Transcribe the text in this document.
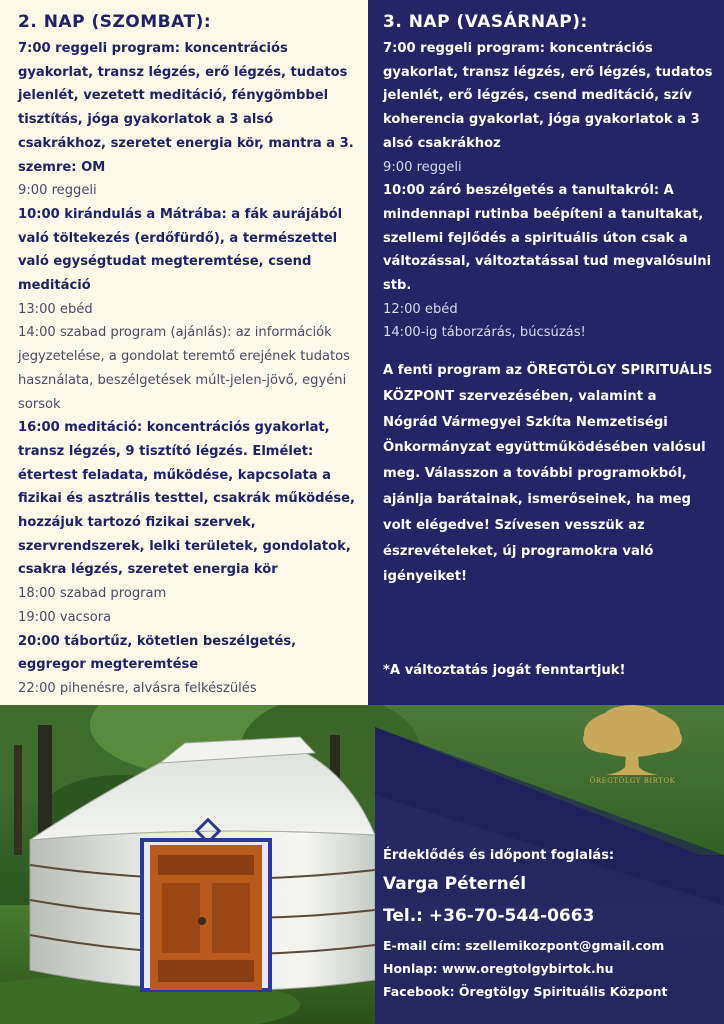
2. NAP (SZOMBAT):
7:00 reggeli program: koncentrációs gyakorlat, transz légzés, erő légzés, tudatos jelenlét, vezetett meditáció, fénygömbbel tisztítás, jóga gyakorlatok a 3 alsó csakrákhoz, szeretet energia kör, mantra a 3. szemre: OM
9:00 reggeli
10:00 kirándulás a Mátrába: a fák aurájából való töltekezés (erdőfürdő), a természettel való egységtudat megteremtése, csend meditáció
13:00 ebéd
14:00 szabad program (ajánlás): az információk jegyzetelése, a gondolat teremtő erejének tudatos használata, beszélgetések múlt-jelen-jövő, egyéni sorsok
16:00 meditáció: koncentrációs gyakorlat, transz légzés, 9 tisztító légzés. Elmélet: étertest feladata, működése, kapcsolata a fizikai és asztrális testtel, csakrák működése, hozzájuk tartozó fizikai szervek, szervrendszerek, lelki területek, gondolatok, csakra légzés, szeretet energia kör
18:00 szabad program
19:00 vacsora
20:00 tábortűz, kötetlen beszélgetés, eggregor megteremtése
22:00 pihenésre, alvásra felkészülés
3. NAP (VASÁRNAP):
7:00 reggeli program: koncentrációs gyakorlat, transz légzés, erő légzés, tudatos jelenlét, erő légzés, csend meditáció, szív koherencia gyakorlat, jóga gyakorlatok a 3 alsó csakrákhoz
9:00 reggeli
10:00 záró beszélgetés a tanultakról: A mindennapi rutinba beépíteni a tanultakat, szellemi fejlődés a spirituális úton csak a változással, változtatással tud megvalósulni stb.
12:00 ebéd
14:00-ig táborzárás, búcsúzás!

A fenti program az ÖREGTÖLGY SPIRITUÁLIS KÖZPONT szervezésében, valamint a Nógrád Vármegyei Szkíta Nemzetiségi Önkormányzat együttműködésében valósul meg. Válasszon a további programokból, ajánlja barátainak, ismerőseinek, ha meg volt elégedve! Szívesen vesszük az észrevételeket, új programokra való igényeiket!

*A változtatás jogát fenntartjuk!

ÖREGTÖLGY BIRTOK
Érdeklődés és időpont foglalás:
Varga Péternél
Tel.: +36-70-544-0663
E-mail cím: szellemikozpont@gmail.com
Honlap: www.oregtolgybirtok.hu
Facebook: Öregtölgy Spirituális Központ
